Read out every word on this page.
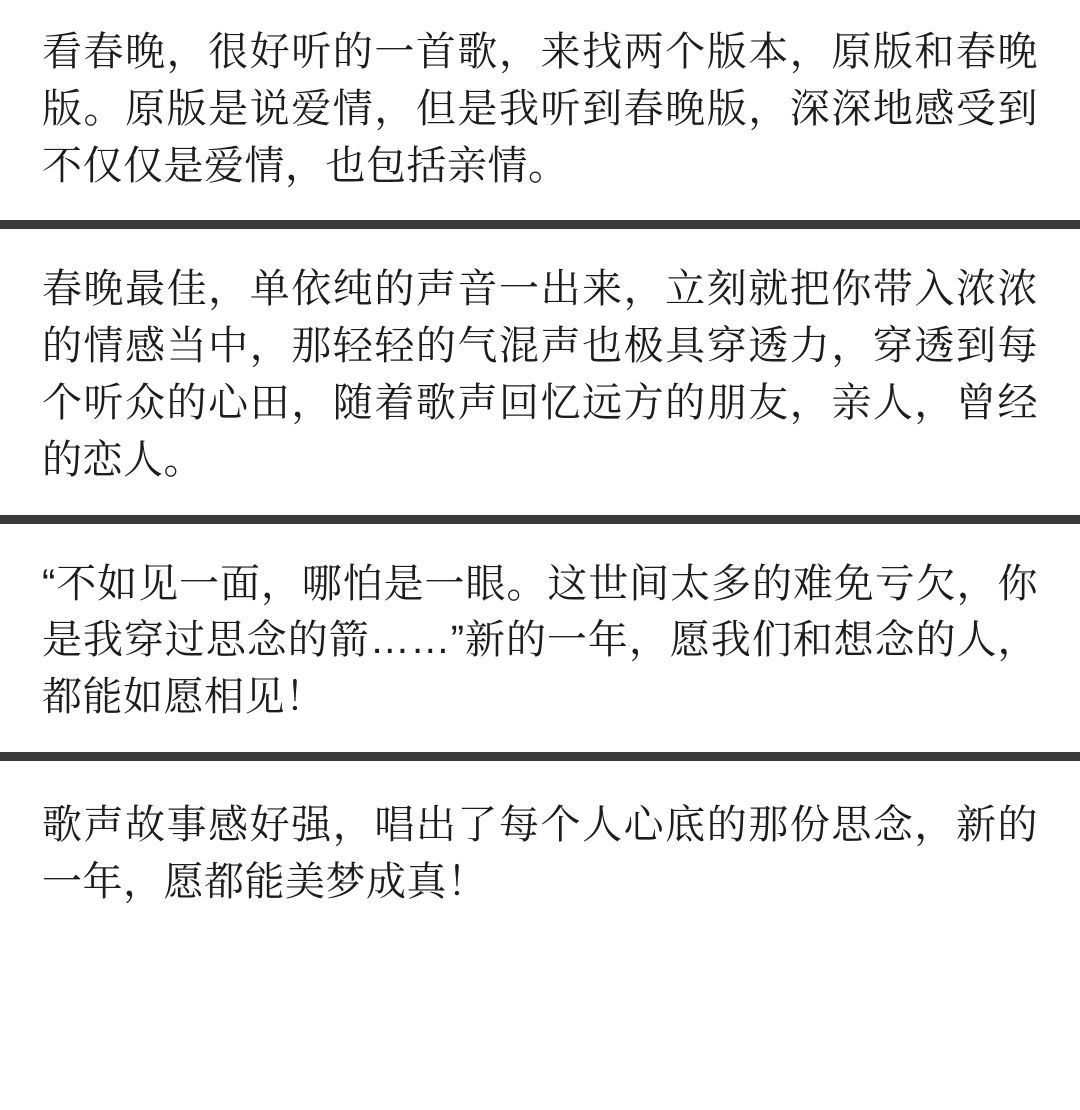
看春晚，很好听的一首歌，来找两个版本，原版和春晚版。原版是说爱情，但是我听到春晚版，深深地感受到不仅仅是爱情，也包括亲情。

春晚最佳，单依纯的声音一出来，立刻就把你带入浓浓的情感当中，那轻轻的气混声也极具穿透力，穿透到每个听众的心田，随着歌声回忆远方的朋友，亲人，曾经的恋人。

“不如见一面，哪怕是一眼。这世间太多的难免亏欠，你是我穿过思念的箭……”新的一年，愿我们和想念的人，都能如愿相见！

歌声故事感好强，唱出了每个人心底的那份思念，新的一年，愿都能美梦成真！
